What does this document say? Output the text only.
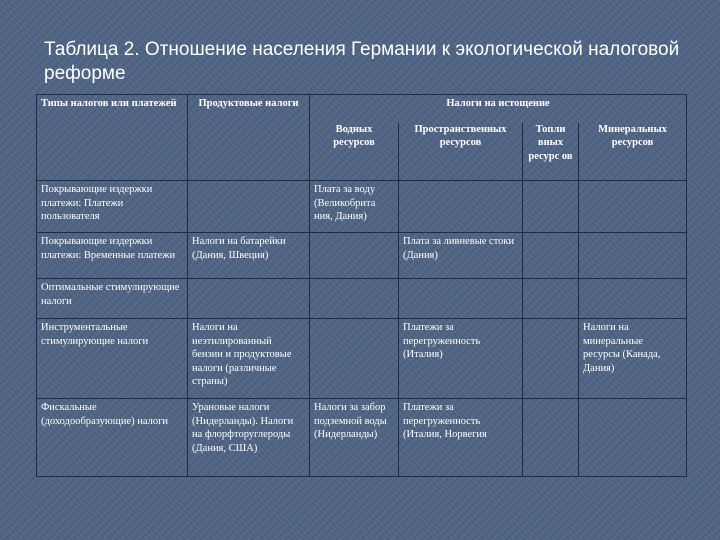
Таблица 2. Отношение населения Германии к экологической налоговой реформе
Типы налогов или платежей	Продуктовые налоги	Налоги на истощение			
		Водных ресурсов	Пространственных ресурсов	Топли вных ресурс ов	Минеральных ресурсов
Покрывающие издержки платежи: Платежи пользователя		Плата за воду (Великобрита ния, Дания)			
Покрывающие издержки платежи: Временные платежи	Налоги на батарейки (Дания, Швеция)		Плата за ливневые стоки (Дания)		
Оптимальные стимулирующие налоги					
Инструментальные стимулирующие налоги	Налоги на неэтилированный бензин и продуктовые налоги (различные страны)		Платежи за перегруженность (Италия)		Налоги на минеральные ресурсы (Канада, Дания)
Фискальные (доходообразующие) налоги	Урановые налоги (Нидерланды). Налоги на флорфторуглероды (Дания, США)	Налоги за забор подземной воды (Нидерланды)	Платежи за перегруженность (Италия, Норвегия		
